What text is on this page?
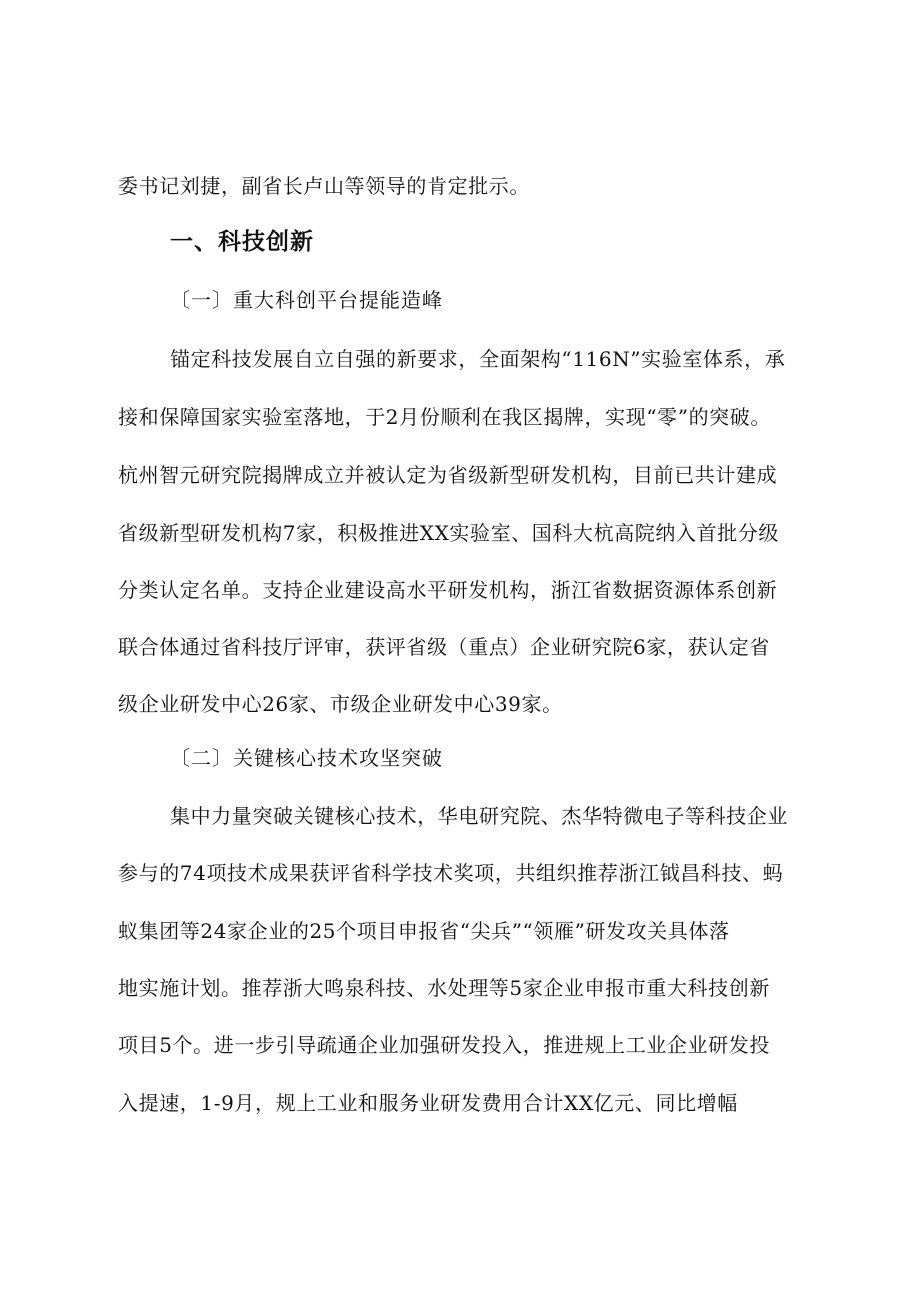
委书记刘捷，副省长卢山等领导的肯定批示。
一、科技创新
〔一〕重大科创平台提能造峰
锚定科技发展自立自强的新要求，全面架构“116N”实验室体系，承
接和保障国家实验室落地，于2月份顺利在我区揭牌，实现“零”的突破。
杭州智元研究院揭牌成立并被认定为省级新型研发机构，目前已共计建成
省级新型研发机构7家，积极推进XX实验室、国科大杭高院纳入首批分级
分类认定名单。支持企业建设高水平研发机构，浙江省数据资源体系创新
联合体通过省科技厅评审，获评省级（重点）企业研究院6家，获认定省
级企业研发中心26家、市级企业研发中心39家。
〔二〕关键核心技术攻坚突破
集中力量突破关键核心技术，华电研究院、杰华特微电子等科技企业
参与的74项技术成果获评省科学技术奖项，共组织推荐浙江钺昌科技、蚂
蚁集团等24家企业的25个项目申报省“尖兵”“领雁”研发攻关具体落
地实施计划。推荐浙大鸣泉科技、水处理等5家企业申报市重大科技创新
项目5个。进一步引导疏通企业加强研发投入，推进规上工业企业研发投
入提速，1-9月，规上工业和服务业研发费用合计XX亿元、同比增幅
